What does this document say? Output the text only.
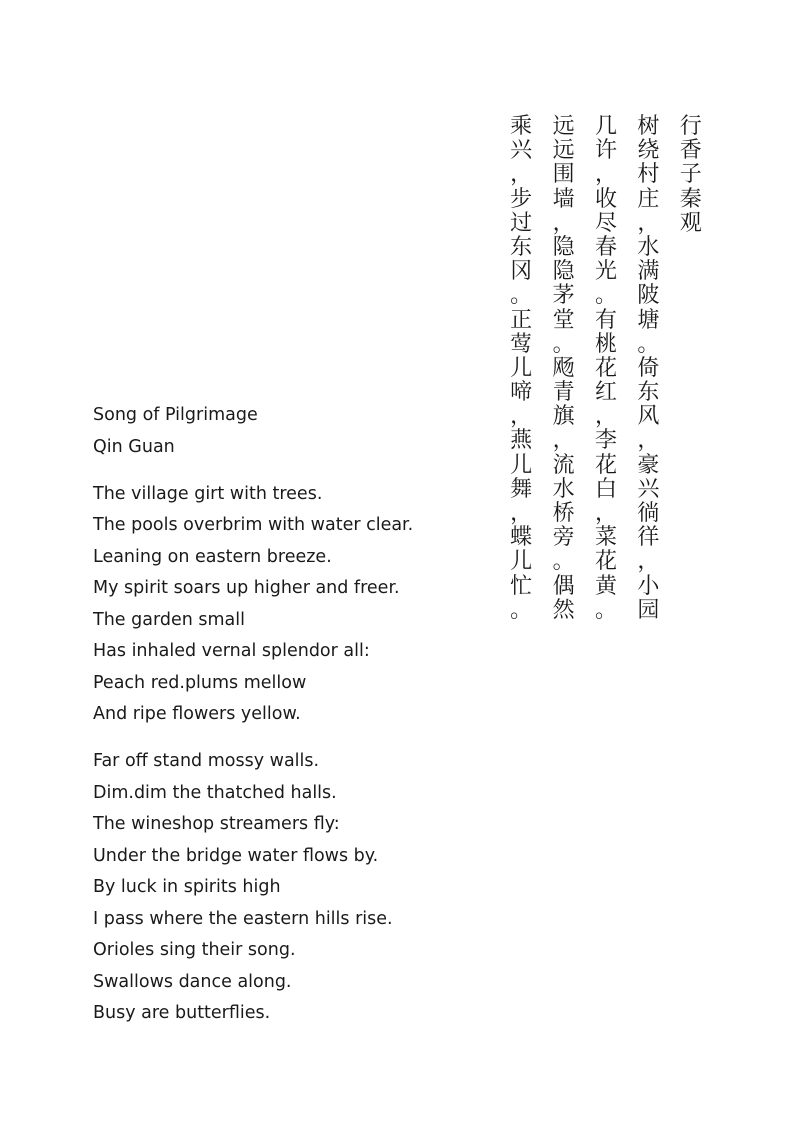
行
香
子
秦
观
树
绕
村
庄
，
水
满
陂
塘
。
倚
东
风
，
豪
兴
徜
徉
，
小
园
几
许
，
收
尽
春
光
。
有
桃
花
红
，
李
花
白
，
菜
花
黄
。
远
远
围
墙
，
隐
隐
茅
堂
。
飏
青
旗
，
流
水
桥
旁
。
偶
然
乘
兴
，
步
过
东
冈
。
正
莺
儿
啼
，
燕
儿
舞
，
蝶
儿
忙
。
Song of Pilgrimage
Qin Guan
The village girt with trees.
The pools overbrim with water clear.
Leaning on eastern breeze.
My spirit soars up higher and freer.
The garden small
Has inhaled vernal splendor all:
Peach red.plums mellow
And ripe flowers yellow.
Far off stand mossy walls.
Dim.dim the thatched halls.
The wineshop streamers fly:
Under the bridge water flows by.
By luck in spirits high
I pass where the eastern hills rise.
Orioles sing their song.
Swallows dance along.
Busy are butterflies.
